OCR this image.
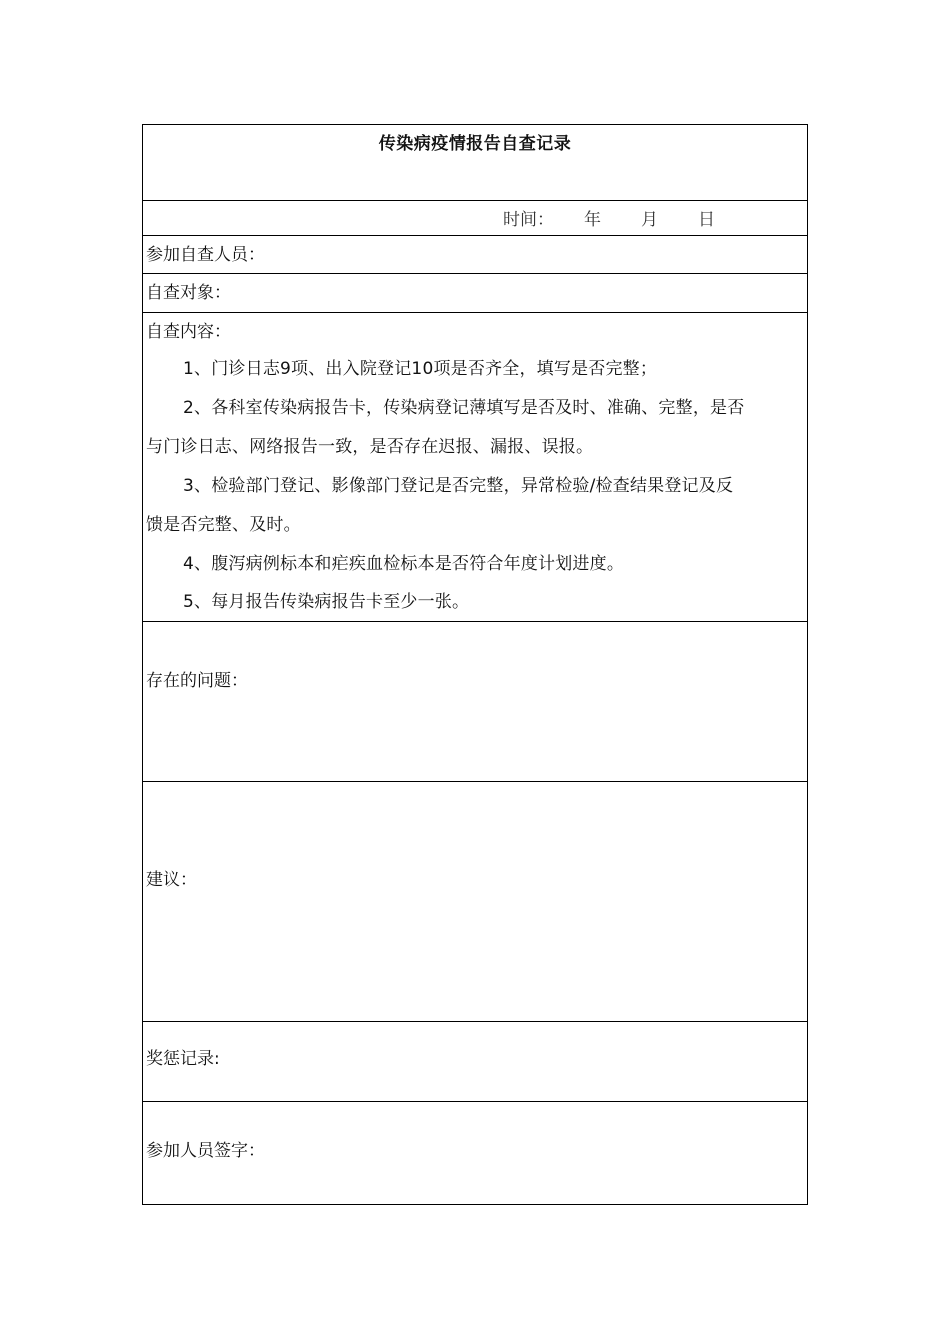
传染病疫情报告自查记录
时间： 年 月 日
参加自查人员：
自查对象：
自查内容：
1、门诊日志9项、出入院登记10项是否齐全，填写是否完整；
2、各科室传染病报告卡，传染病登记薄填写是否及时、准确、完整，是否
与门诊日志、网络报告一致，是否存在迟报、漏报、误报。
3、检验部门登记、影像部门登记是否完整，异常检验/检查结果登记及反
馈是否完整、及时。
4、腹泻病例标本和疟疾血检标本是否符合年度计划进度。
5、每月报告传染病报告卡至少一张。
存在的问题：
建议：
奖惩记录:
参加人员签字：
